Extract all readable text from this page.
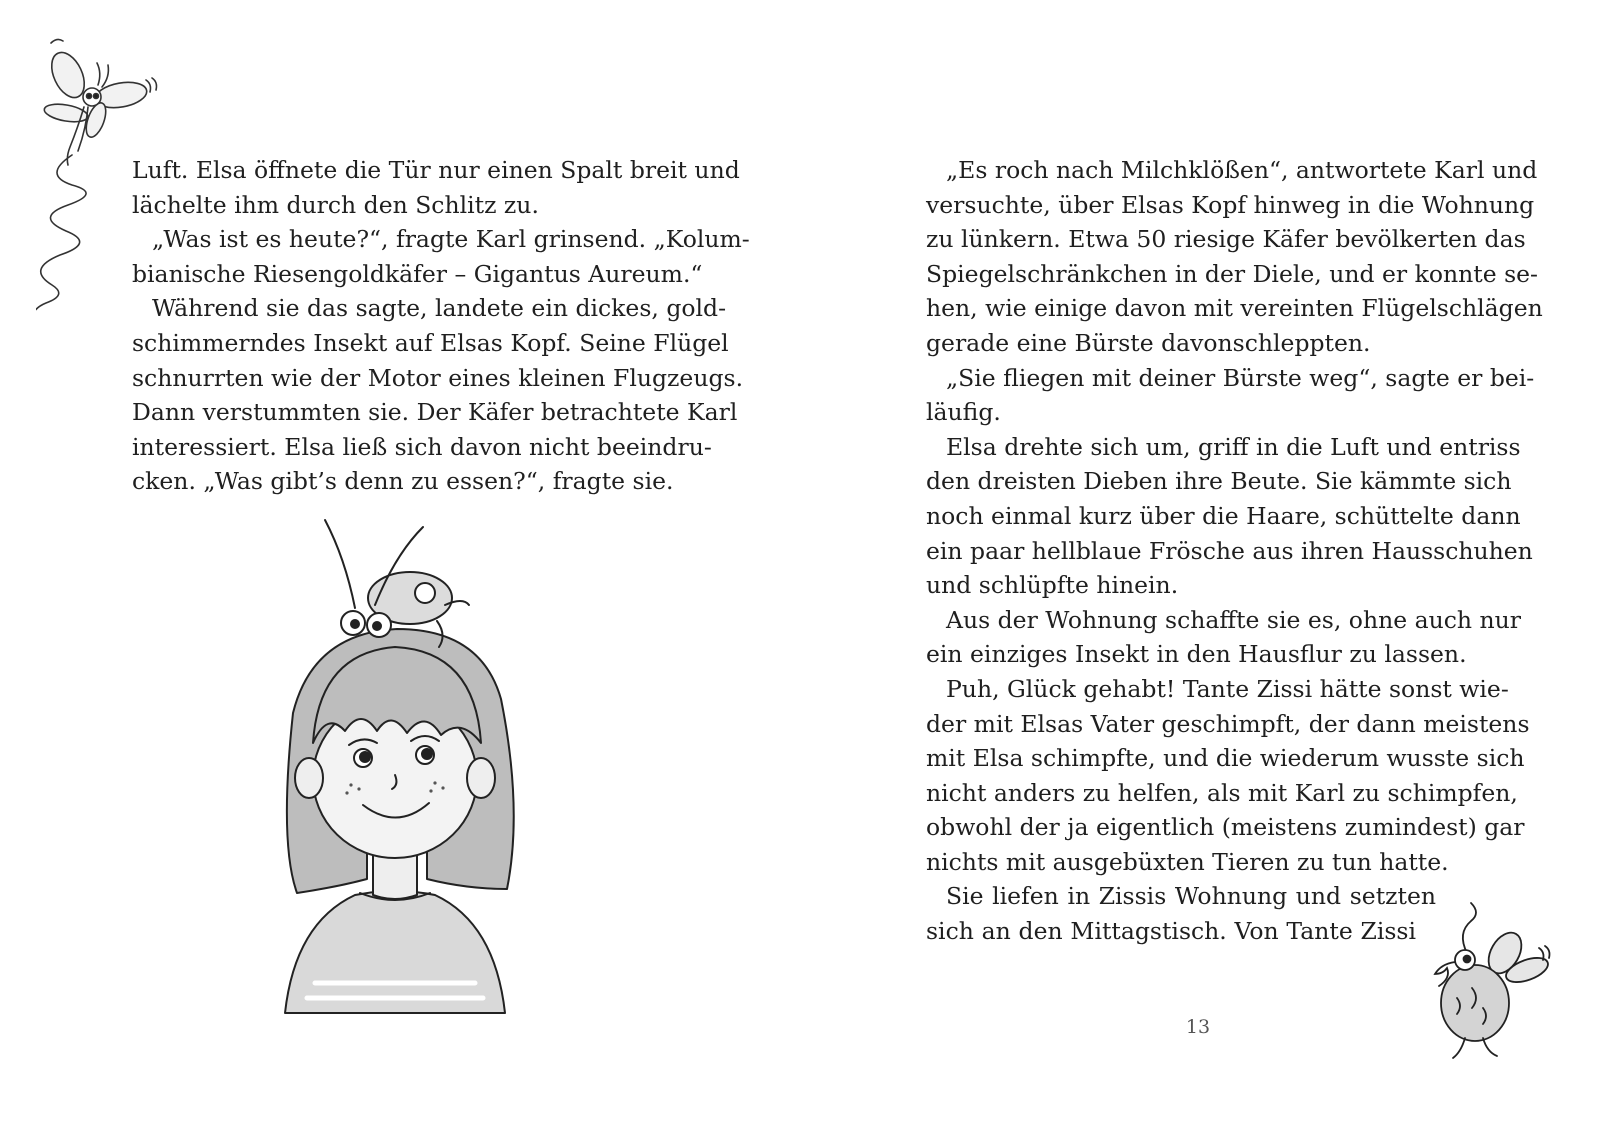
Luft. Elsa öffnete die Tür nur einen Spalt breit und
lächelte ihm durch den Schlitz zu.
„Was ist es heute?“, fragte Karl grinsend. „Kolum-
bianische Riesengoldkäfer – Gigantus Aureum.“
Während sie das sagte, landete ein dickes, gold-
schimmerndes Insekt auf Elsas Kopf. Seine Flügel
schnurrten wie der Motor eines kleinen Flugzeugs.
Dann verstummten sie. Der Käfer betrachtete Karl
interessiert. Elsa ließ sich davon nicht beeindru-
cken. „Was gibt’s denn zu essen?“, fragte sie.
„Es roch nach Milchklößen“, antwortete Karl und
versuchte, über Elsas Kopf hinweg in die Wohnung
zu lünkern. Etwa 50 riesige Käfer bevölkerten das
Spiegelschränkchen in der Diele, und er konnte se-
hen, wie einige davon mit vereinten Flügelschlägen
gerade eine Bürste davonschleppten.
„Sie fliegen mit deiner Bürste weg“, sagte er bei-
läufig.
Elsa drehte sich um, griff in die Luft und entriss
den dreisten Dieben ihre Beute. Sie kämmte sich
noch einmal kurz über die Haare, schüttelte dann
ein paar hellblaue Frösche aus ihren Hausschuhen
und schlüpfte hinein.
Aus der Wohnung schaffte sie es, ohne auch nur
ein einziges Insekt in den Hausflur zu lassen.
Puh, Glück gehabt! Tante Zissi hätte sonst wie-
der mit Elsas Vater geschimpft, der dann meistens
mit Elsa schimpfte, und die wiederum wusste sich
nicht anders zu helfen, als mit Karl zu schimpfen,
obwohl der ja eigentlich (meistens zumindest) gar
nichts mit ausgebüxten Tieren zu tun hatte.
Sie liefen in Zissis Wohnung und setzten
sich an den Mittagstisch. Von Tante Zissi
13
